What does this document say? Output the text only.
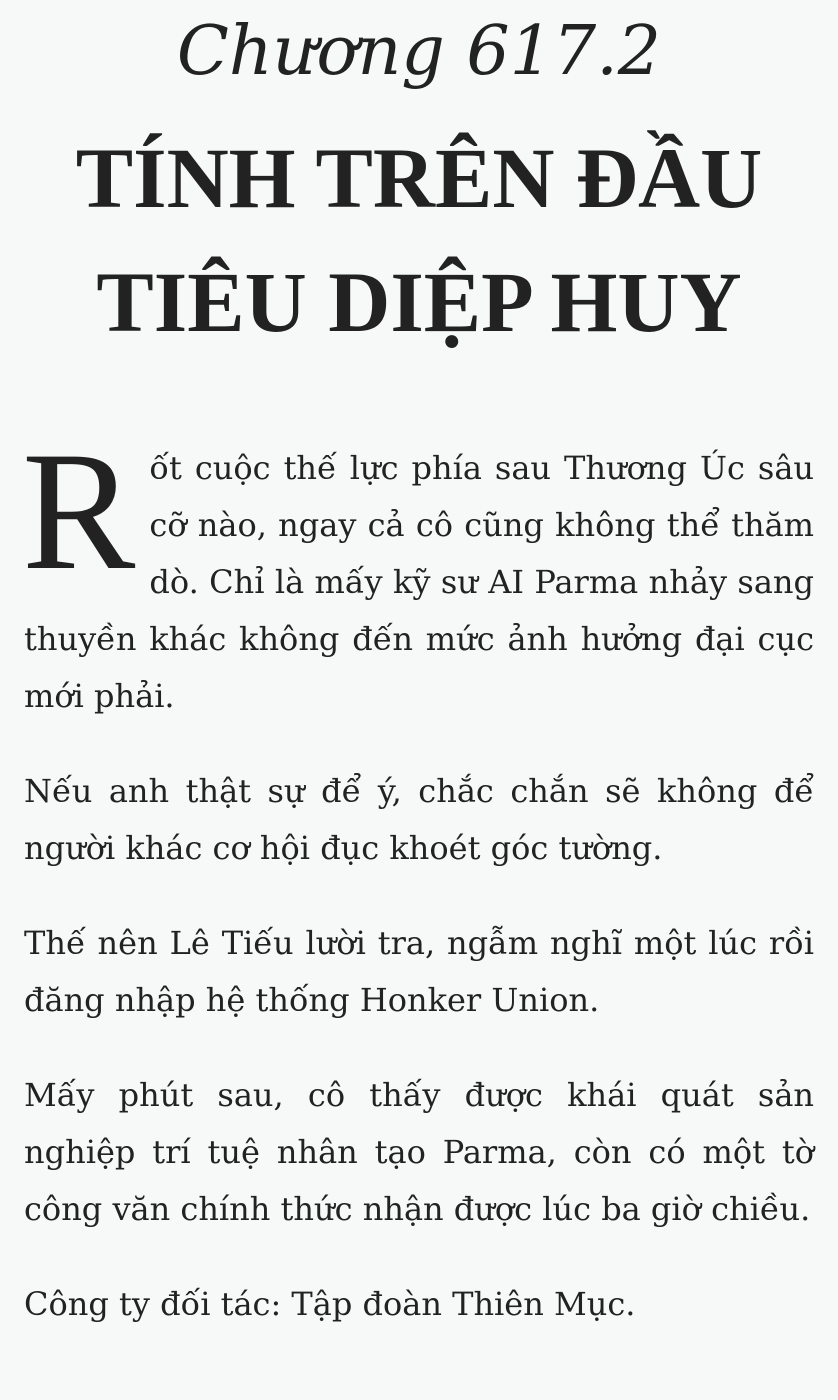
Chương 617.2
TÍNH TRÊN ĐẦU
TIÊU DIỆP HUY

Rốt cuộc thế lực phía sau Thương Úc sâu cỡ nào, ngay cả cô cũng không thể thăm dò. Chỉ là mấy kỹ sư AI Parma nhảy sang thuyền khác không đến mức ảnh hưởng đại cục mới phải.

Nếu anh thật sự để ý, chắc chắn sẽ không để người khác cơ hội đục khoét góc tường.

Thế nên Lê Tiếu lười tra, ngẫm nghĩ một lúc rồi đăng nhập hệ thống Honker Union.

Mấy phút sau, cô thấy được khái quát sản nghiệp trí tuệ nhân tạo Parma, còn có một tờ công văn chính thức nhận được lúc ba giờ chiều.

Công ty đối tác: Tập đoàn Thiên Mục.
